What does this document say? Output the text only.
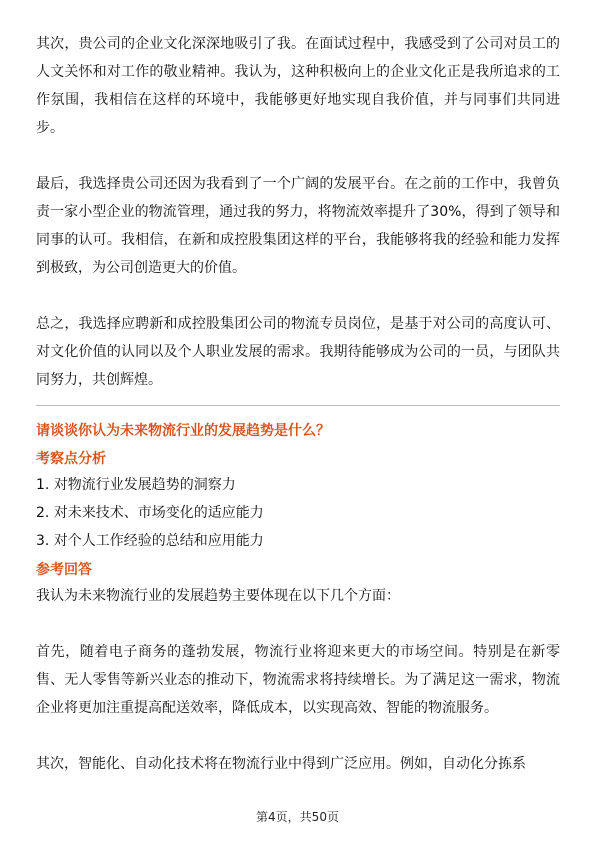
其次，贵公司的企业文化深深地吸引了我。在面试过程中，我感受到了公司对员工的人文关怀和对工作的敬业精神。我认为，这种积极向上的企业文化正是我所追求的工作氛围，我相信在这样的环境中，我能够更好地实现自我价值，并与同事们共同进步。

最后，我选择贵公司还因为我看到了一个广阔的发展平台。在之前的工作中，我曾负责一家小型企业的物流管理，通过我的努力，将物流效率提升了30%，得到了领导和同事的认可。我相信，在新和成控股集团这样的平台，我能够将我的经验和能力发挥到极致，为公司创造更大的价值。

总之，我选择应聘新和成控股集团公司的物流专员岗位，是基于对公司的高度认可、对文化价值的认同以及个人职业发展的需求。我期待能够成为公司的一员，与团队共同努力，共创辉煌。

请谈谈你认为未来物流行业的发展趋势是什么？

考察点分析

1. 对物流行业发展趋势的洞察力

2. 对未来技术、市场变化的适应能力

3. 对个人工作经验的总结和应用能力

参考回答

我认为未来物流行业的发展趋势主要体现在以下几个方面：

首先，随着电子商务的蓬勃发展，物流行业将迎来更大的市场空间。特别是在新零售、无人零售等新兴业态的推动下，物流需求将持续增长。为了满足这一需求，物流企业将更加注重提高配送效率，降低成本，以实现高效、智能的物流服务。

其次，智能化、自动化技术将在物流行业中得到广泛应用。例如，自动化分拣系

第4页，共50页
